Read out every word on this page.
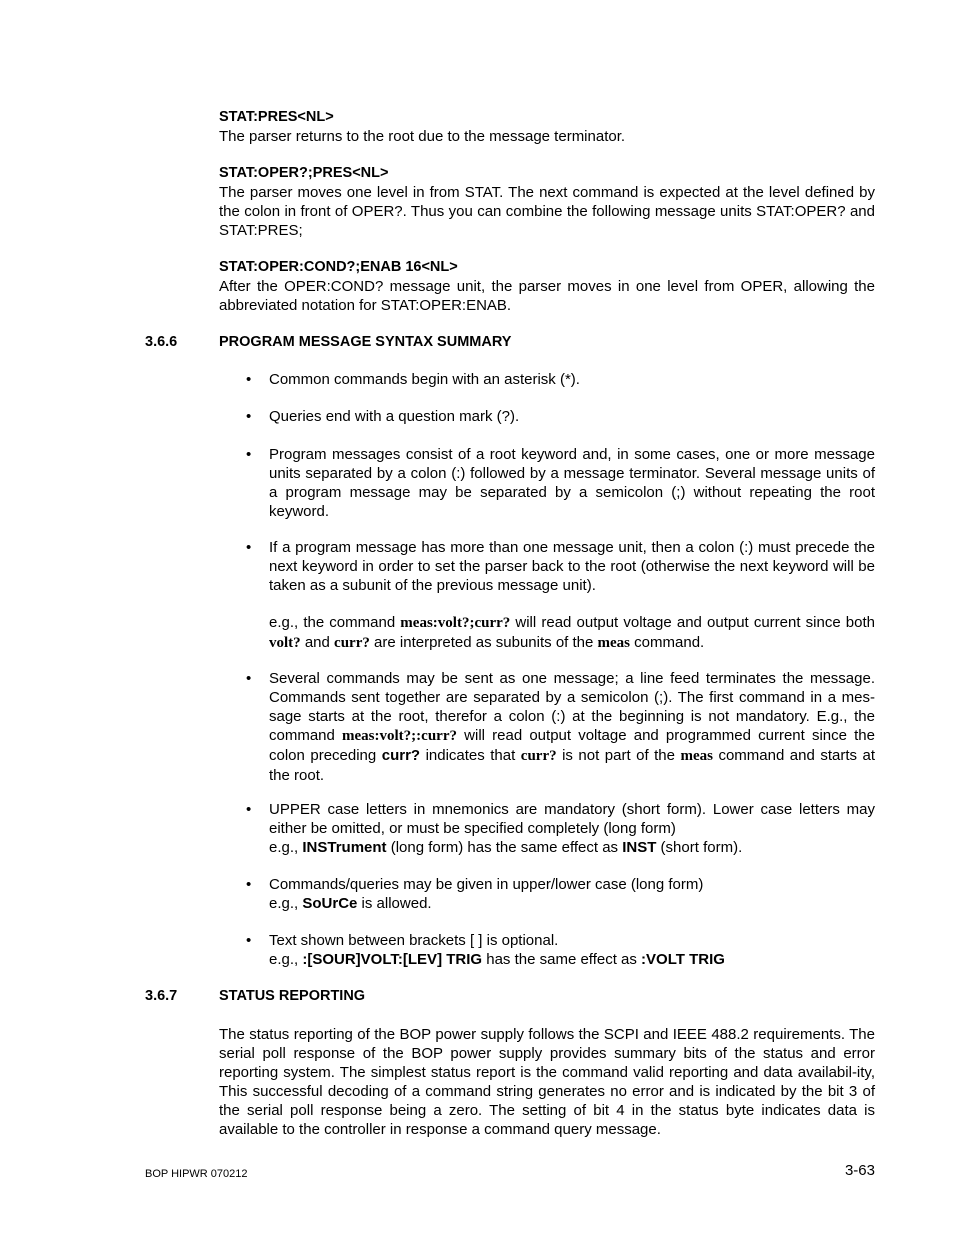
STAT:PRES<NL>

The parser returns to the root due to the message terminator.

STAT:OPER?;PRES<NL>

The parser moves one level in from STAT. The next command is expected at the level defined by the colon in front of OPER?. Thus you can combine the following message units STAT:OPER? and STAT:PRES;

STAT:OPER:COND?;ENAB 16<NL>

After the OPER:COND? message unit, the parser moves in one level from OPER, allowing the abbreviated notation for STAT:OPER:ENAB.

3.6.6	PROGRAM MESSAGE SYNTAX SUMMARY
• Common commands begin with an asterisk (*).

• Queries end with a question mark (?).

• Program messages consist of a root keyword and, in some cases, one or more message units separated by a colon (:) followed by a message terminator. Several message units of a program message may be separated by a semicolon (;) without repeating the root keyword.

• If a program message has more than one message unit, then a colon (:) must precede the next keyword in order to set the parser back to the root (otherwise the next keyword will be taken as a subunit of the previous message unit).

e.g., the command meas:volt?;curr? will read output voltage and output current since both volt? and curr? are interpreted as subunits of the meas command.

• Several commands may be sent as one message; a line feed terminates the message. Commands sent together are separated by a semicolon (;). The first command in a mes-sage starts at the root, therefor a colon (:) at the beginning is not mandatory. E.g., the command meas:volt?;:curr? will read output voltage and programmed current since the colon preceding curr? indicates that curr? is not part of the meas command and starts at the root.

• UPPER case letters in mnemonics are mandatory (short form). Lower case letters may either be omitted, or must be specified completely (long form)

e.g., INSTrument (long form) has the same effect as INST (short form).

• Commands/queries may be given in upper/lower case (long form)

e.g., SoUrCe is allowed.

• Text shown between brackets [ ] is optional.

e.g., :[SOUR]VOLT:[LEV] TRIG has the same effect as :VOLT TRIG

3.6.7	STATUS REPORTING

The status reporting of the BOP power supply follows the SCPI and IEEE 488.2 requirements. The serial poll response of the BOP power supply provides summary bits of the status and error reporting system. The simplest status report is the command valid reporting and data availabil-ity, This successful decoding of a command string generates no error and is indicated by the bit 3 of the serial poll response being a zero. The setting of bit 4 in the status byte indicates data is available to the controller in response a command query message.

BOP HIPWR 070212	3-63
